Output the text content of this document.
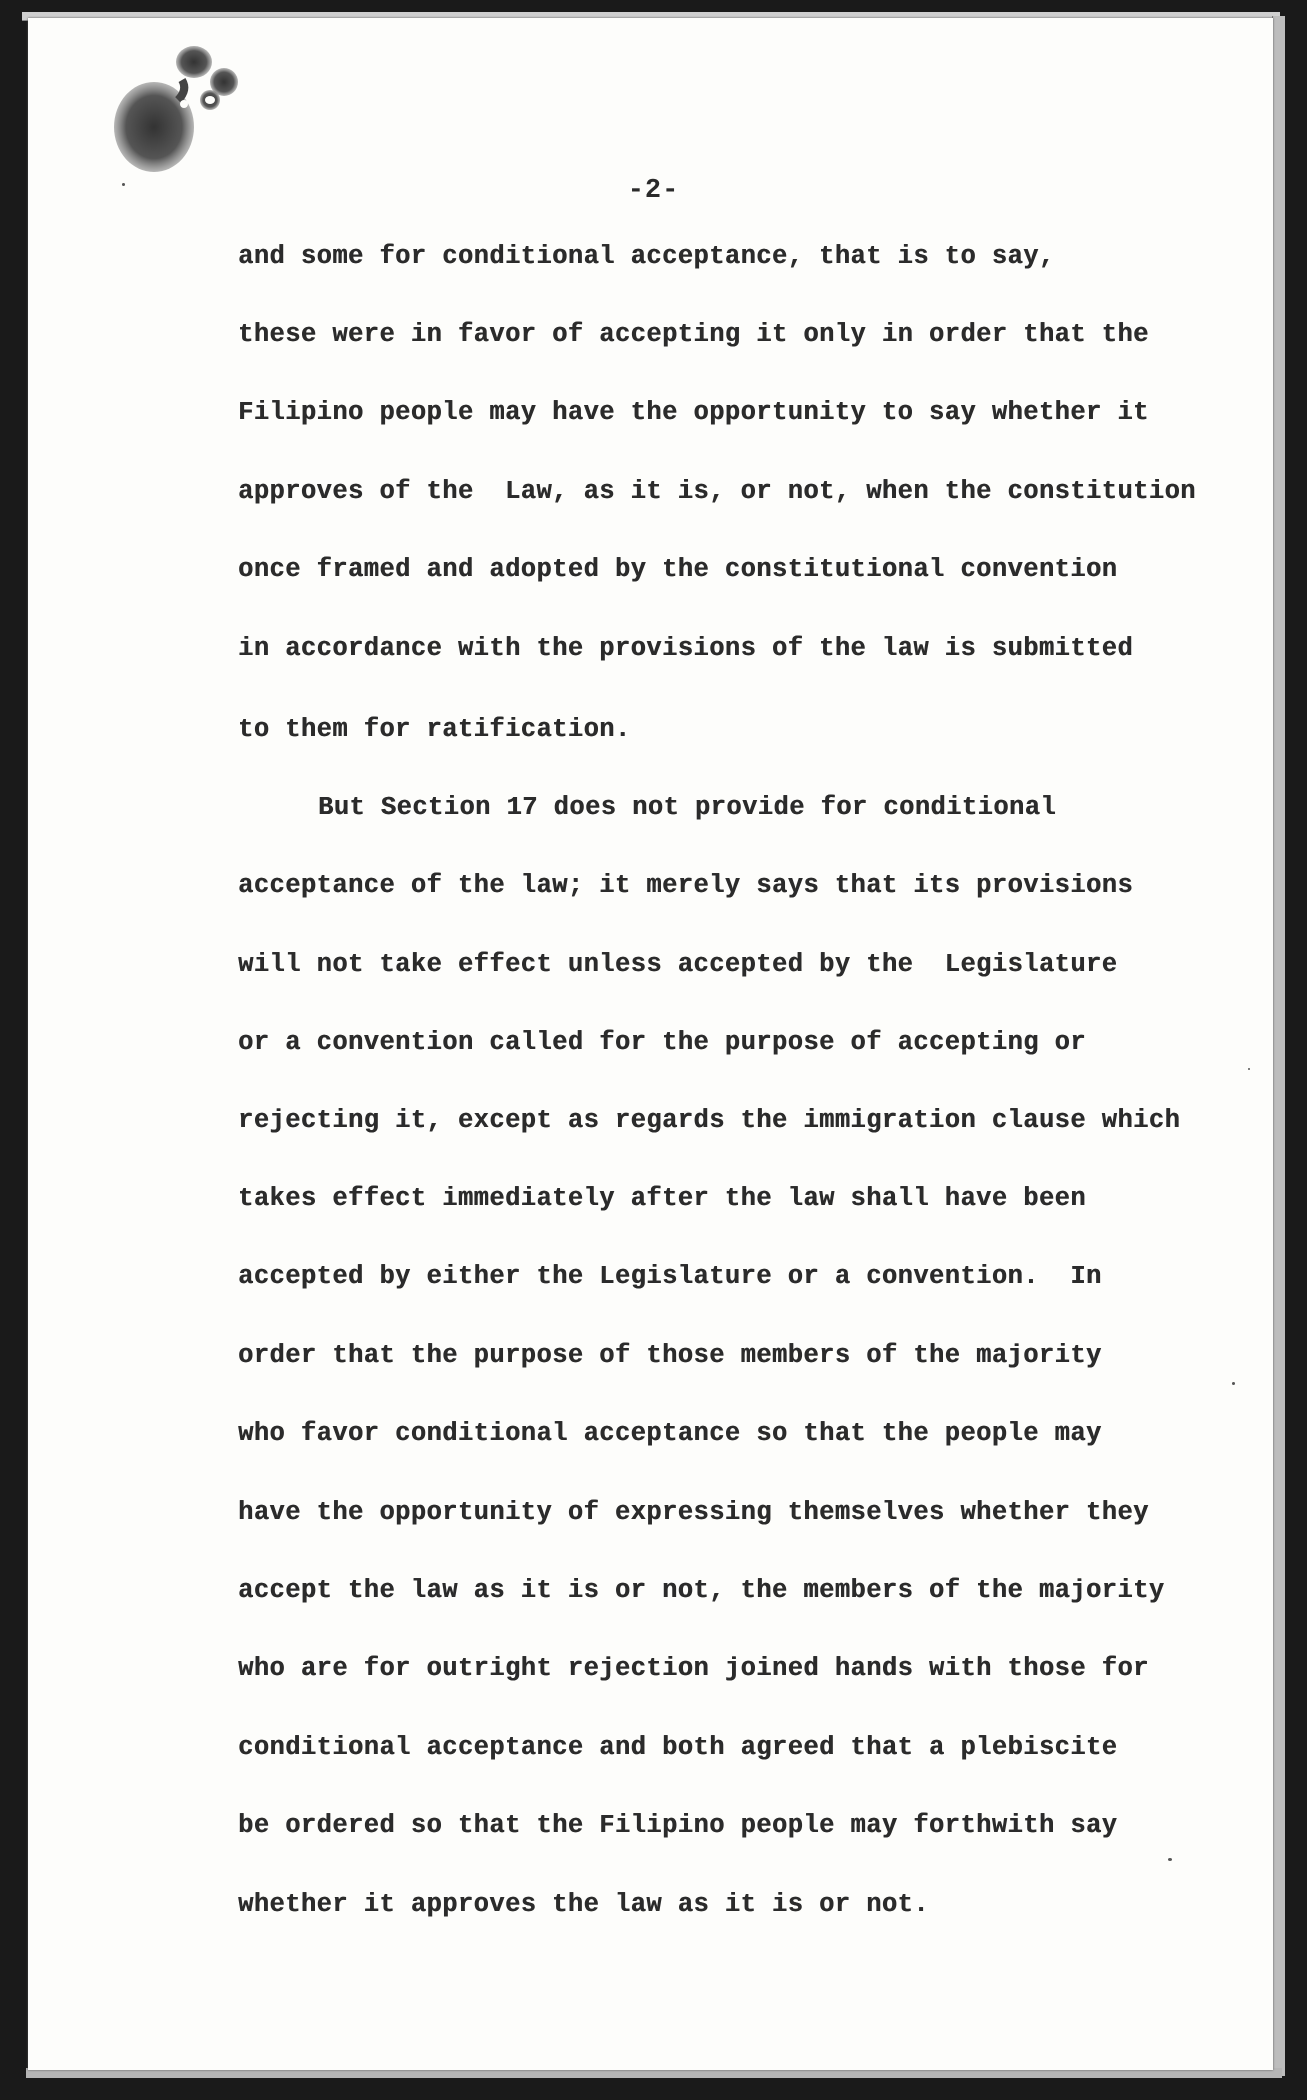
-2-
and some for conditional acceptance, that is to say,
these were in favor of accepting it only in order that the
Filipino people may have the opportunity to say whether it
approves of the  Law, as it is, or not, when the constitution
once framed and adopted by the constitutional convention
in accordance with the provisions of the law is submitted
to them for ratification.
But Section 17 does not provide for conditional
acceptance of the law; it merely says that its provisions
will not take effect unless accepted by the  Legislature
or a convention called for the purpose of accepting or
rejecting it, except as regards the immigration clause which
takes effect immediately after the law shall have been
accepted by either the Legislature or a convention.  In
order that the purpose of those members of the majority
who favor conditional acceptance so that the people may
have the opportunity of expressing themselves whether they
accept the law as it is or not, the members of the majority
who are for outright rejection joined hands with those for
conditional acceptance and both agreed that a plebiscite
be ordered so that the Filipino people may forthwith say
whether it approves the law as it is or not.
